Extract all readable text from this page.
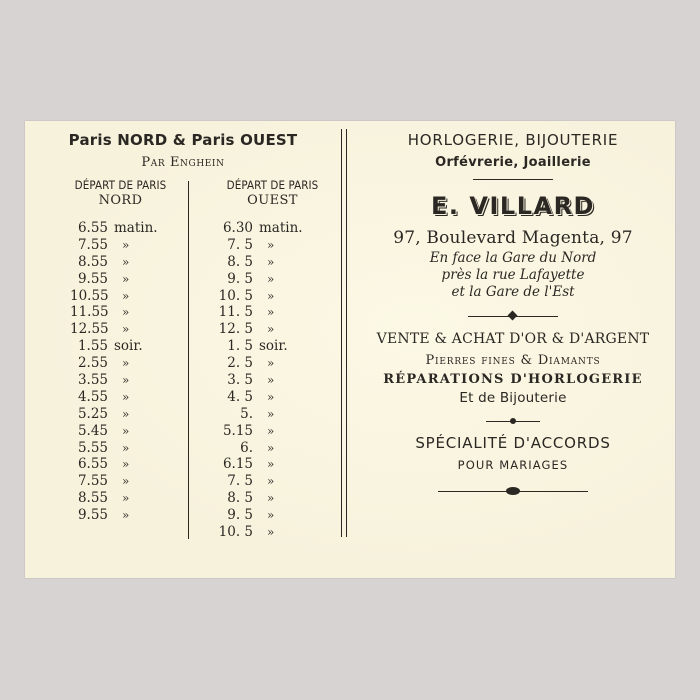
Paris NORD & Paris OUEST
Par Enghein
DÉPART DE PARIS
NORD
DÉPART DE PARIS
OUEST
6.55 matin.
7.55 »
8.55 »
9.55 »
10.55 »
11.55 »
12.55 »
1.55 soir.
2.55 »
3.55 »
4.55 »
5.25 »
5.45 »
5.55 »
6.55 »
7.55 »
8.55 »
9.55 »
6.30 matin.
7. 5 »
8. 5 »
9. 5 »
10. 5 »
11. 5 »
12. 5 »
1. 5 soir.
2. 5 »
3. 5 »
4. 5 »
5. »
5.15 »
6. »
6.15 »
7. 5 »
8. 5 »
9. 5 »
10. 5 »
HORLOGERIE, BIJOUTERIE
Orfévrerie, Joaillerie
E. VILLARD
97, Boulevard Magenta, 97
En face la Gare du Nord
près la rue Lafayette
et la Gare de l'Est
VENTE & ACHAT D'OR & D'ARGENT
Pierres fines & Diamants
RÉPARATIONS D'HORLOGERIE
Et de Bijouterie
SPÉCIALITÉ D'ACCORDS
POUR MARIAGES
